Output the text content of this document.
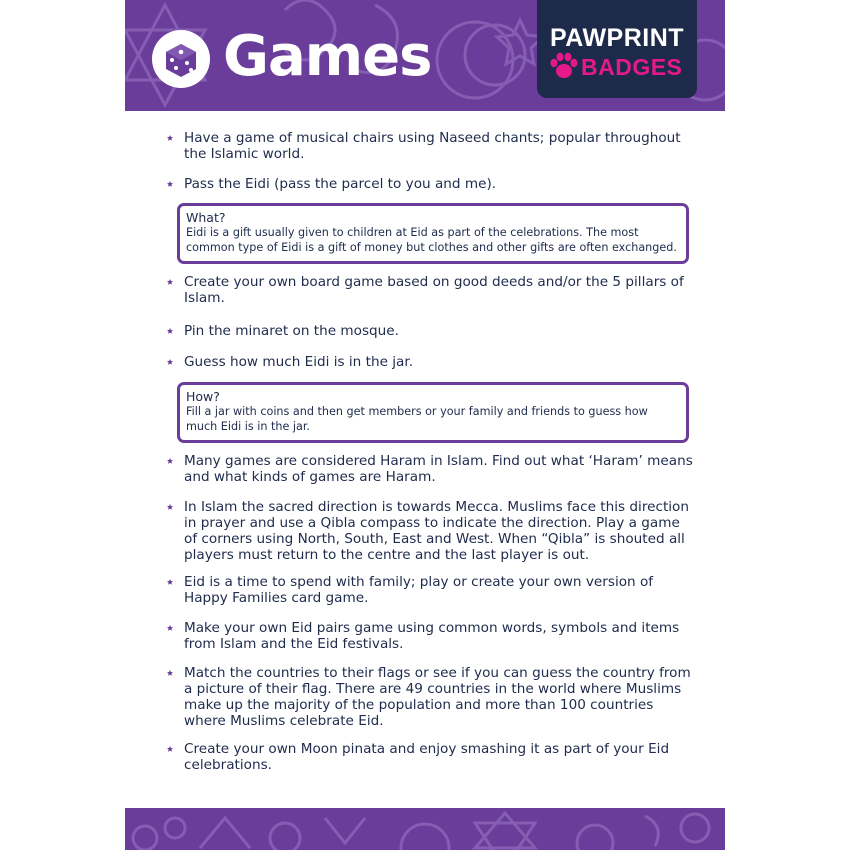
Games	PAWPRINT
BADGES
Have a game of musical chairs using Naseed chants; popular throughout the Islamic world.
Pass the Eidi (pass the parcel to you and me).
What?
Eidi is a gift usually given to children at Eid as part of the celebrations. The most common type of Eidi is a gift of money but clothes and other gifts are often exchanged.
Create your own board game based on good deeds and/or the 5 pillars of Islam.
Pin the minaret on the mosque.
Guess how much Eidi is in the jar.
How?
Fill a jar with coins and then get members or your family and friends to guess how much Eidi is in the jar.
Many games are considered Haram in Islam. Find out what ‘Haram’ means and what kinds of games are Haram.
In Islam the sacred direction is towards Mecca. Muslims face this direction in prayer and use a Qibla compass to indicate the direction. Play a game of corners using North, South, East and West. When “Qibla” is shouted all players must return to the centre and the last player is out.
Eid is a time to spend with family; play or create your own version of Happy Families card game.
Make your own Eid pairs game using common words, symbols and items from Islam and the Eid festivals.
Match the countries to their flags or see if you can guess the country from a picture of their flag. There are 49 countries in the world where Muslims make up the majority of the population and more than 100 countries where Muslims celebrate Eid.
Create your own Moon pinata and enjoy smashing it as part of your Eid celebrations.
